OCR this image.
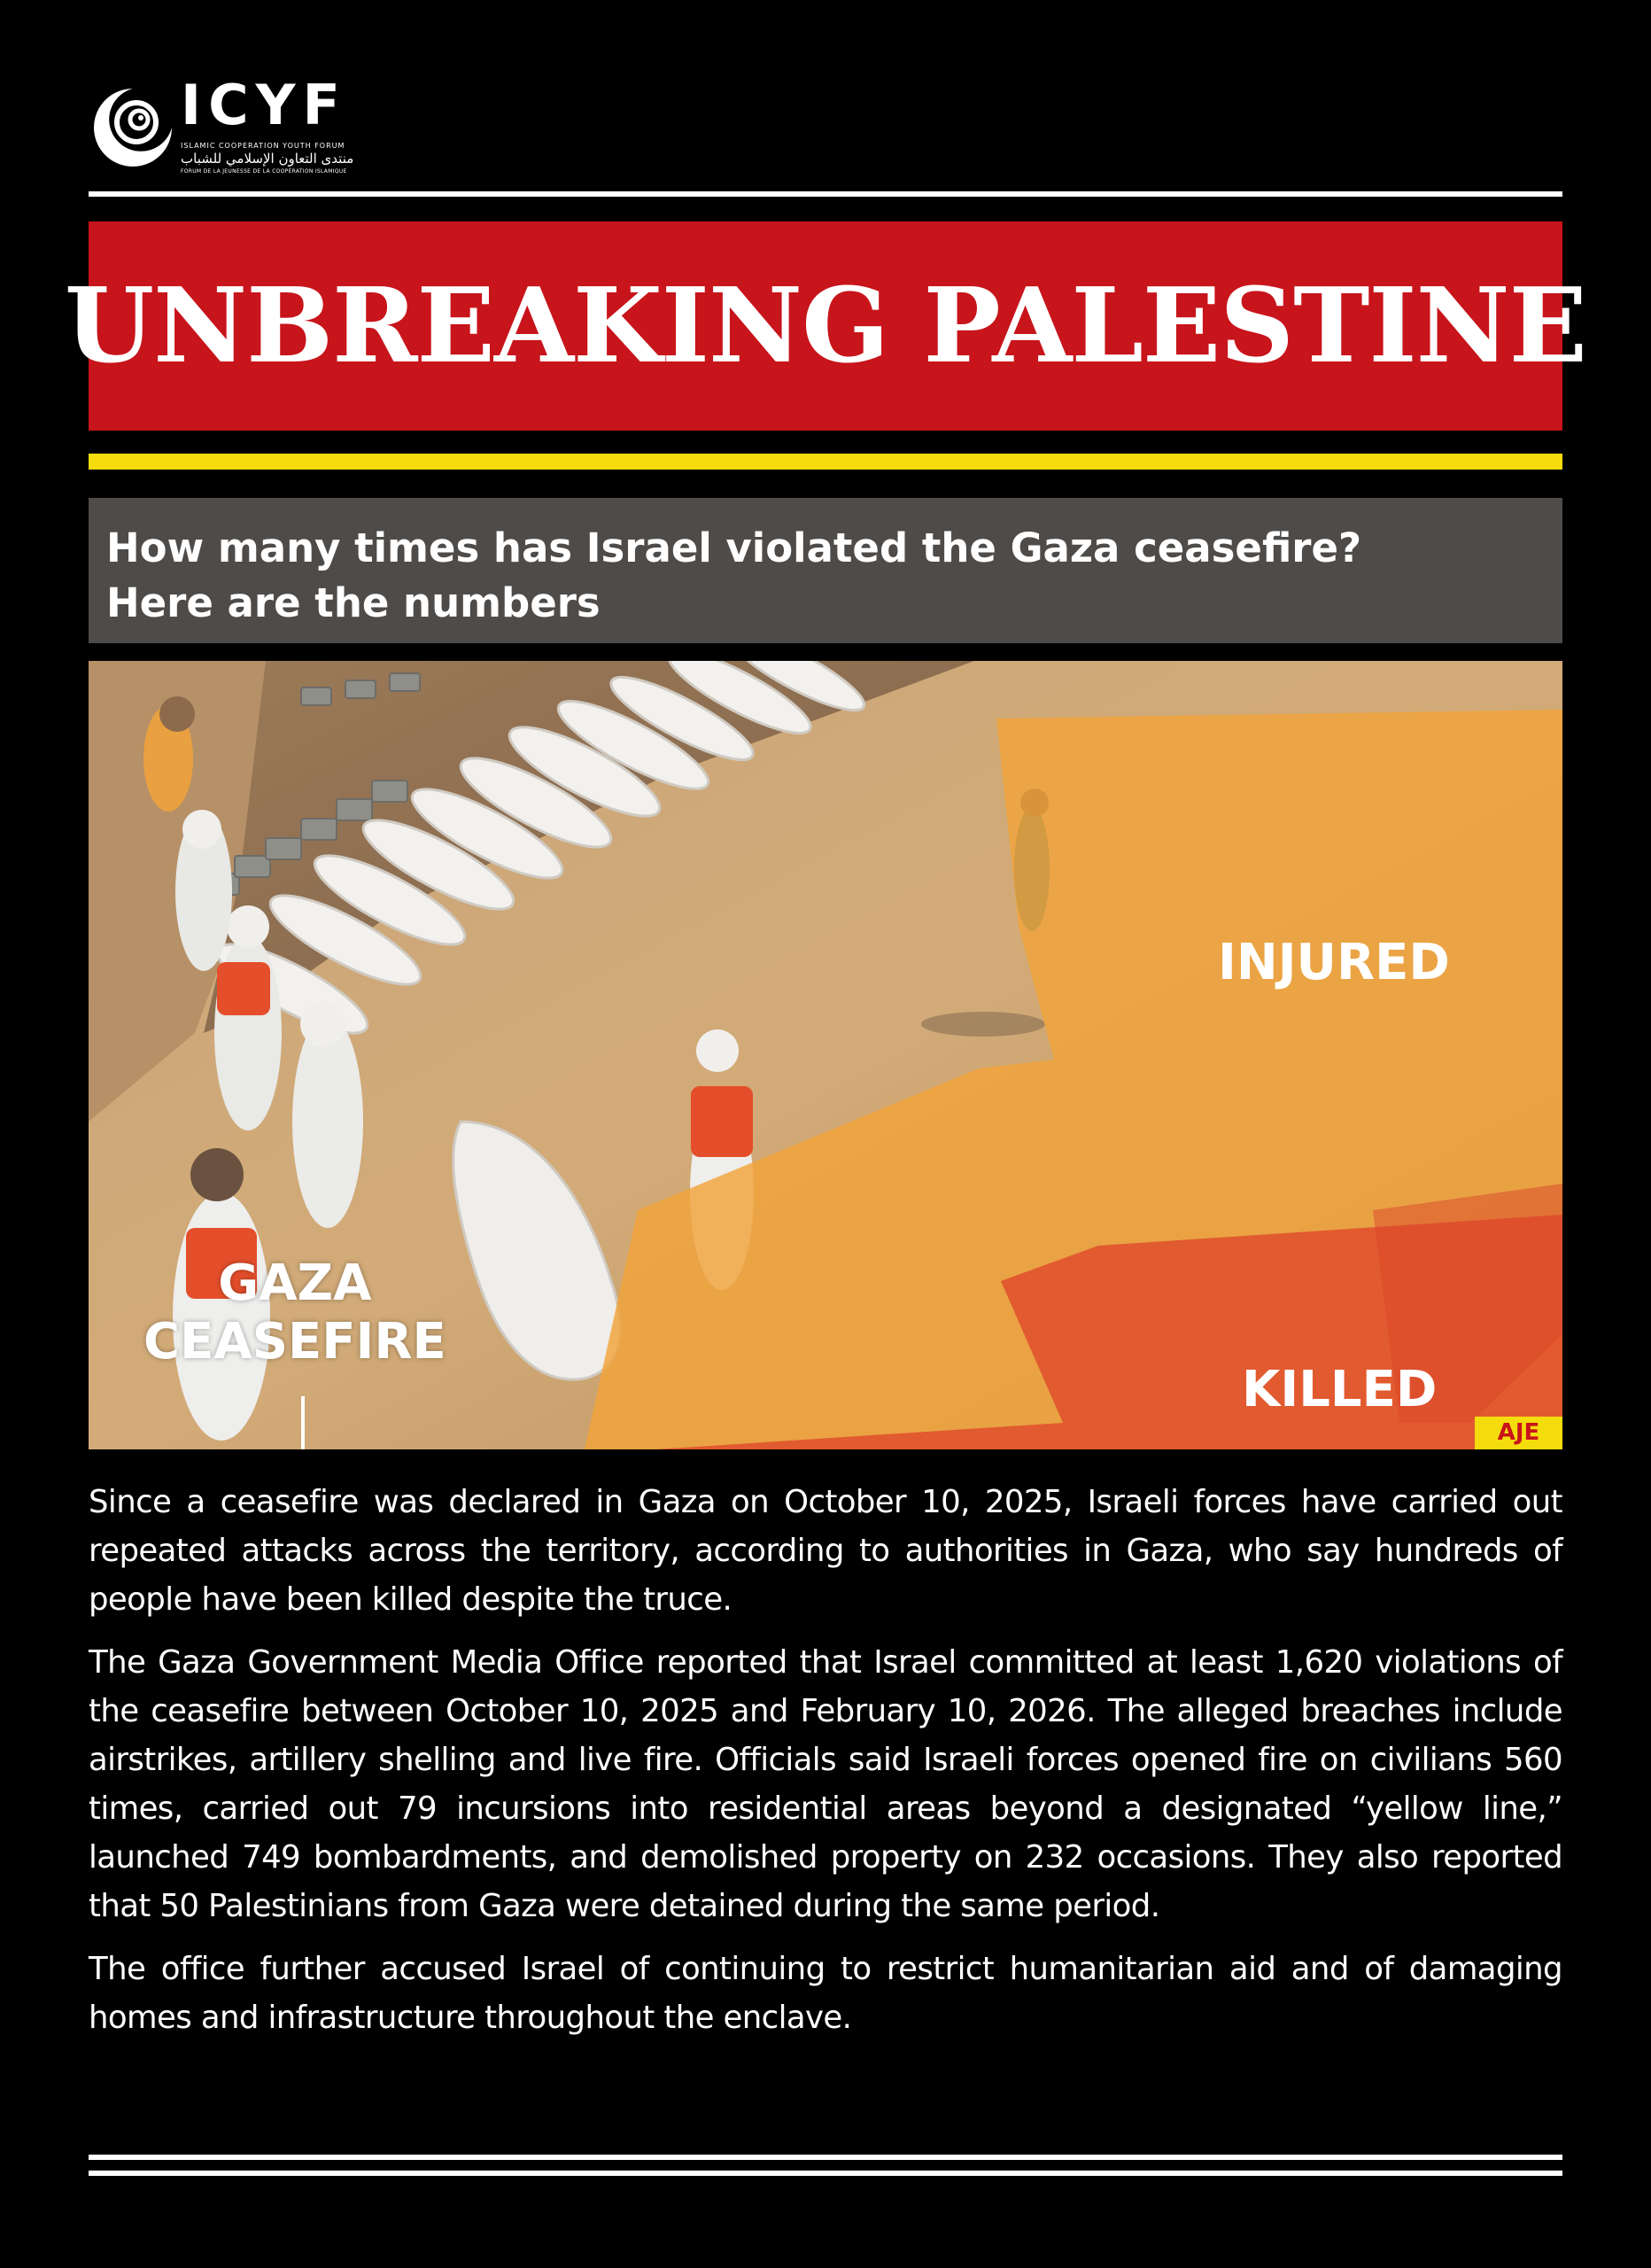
ICYF
ISLAMIC COOPERATION YOUTH FORUM
منتدى التعاون الإسلامي للشباب
FORUM DE LA JEUNESSE DE LA COOPÉRATION ISLAMIQUE
UNBREAKING PALESTINE
How many times has Israel violated the Gaza ceasefire?
Here are the numbers
INJURED
KILLED
GAZA
CEASEFIRE
AJE

Since a ceasefire was declared in Gaza on October 10, 2025, Israeli forces have carried out repeated attacks across the territory, according to authorities in Gaza, who say hundreds of people have been killed despite the truce.

The Gaza Government Media Office reported that Israel committed at least 1,620 violations of the ceasefire between October 10, 2025 and February 10, 2026. The alleged breaches include airstrikes, artillery shelling and live fire. Officials said Israeli forces opened fire on civilians 560 times, carried out 79 incursions into residential areas beyond a designated “yellow line,” launched 749 bombardments, and demolished property on 232 occasions. They also reported that 50 Palestinians from Gaza were detained during the same period.

The office further accused Israel of continuing to restrict humanitarian aid and of damaging homes and infrastructure throughout the enclave.
